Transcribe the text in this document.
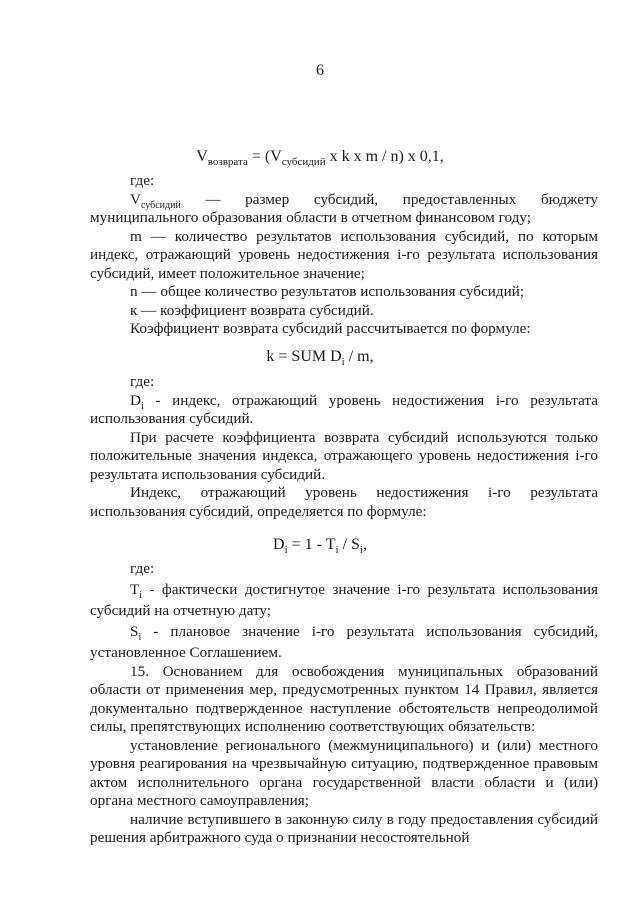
6
$V_{возврата} = (V_{субсидий}$ x k x m / n) x 0,1,
где:

$V_{субсидий}$ — размер субсидий, предоставленных бюджету муниципального образования области в отчетном финансовом году;

m — количество результатов использования субсидий, по которым индекс, отражающий уровень недостижения i-го результата использования субсидий, имеет положительное значение;

n — общее количество результатов использования субсидий;

к — коэффициент возврата субсидий.

Коэффициент возврата субсидий рассчитывается по формуле:

k = SUM $D_i$ / m,
где:

$D_i$ - индекс, отражающий уровень недостижения i-го результата использования субсидий.

При расчете коэффициента возврата субсидий используются только положительные значения индекса, отражающего уровень недостижения i-го результата использования субсидий.

Индекс, отражающий уровень недостижения i-го результата использования субсидий, определяется по формуле:

$D_i = 1 - T_i / S_i$,
где:

$T_i$ - фактически достигнутое значение i-го результата использования субсидий на отчетную дату;

$S_i$ - плановое значение i-го результата использования субсидий, установленное Соглашением.

15. Основанием для освобождения муниципальных образований области от применения мер, предусмотренных пунктом 14 Правил, является документально подтвержденное наступление обстоятельств непреодолимой силы, препятствующих исполнению соответствующих обязательств:

установление регионального (межмуниципального) и (или) местного уровня реагирования на чрезвычайную ситуацию, подтвержденное правовым актом исполнительного органа государственной власти области и (или) органа местного самоуправления;

наличие вступившего в законную силу в году предоставления субсидий решения арбитражного суда о признании несостоятельной
